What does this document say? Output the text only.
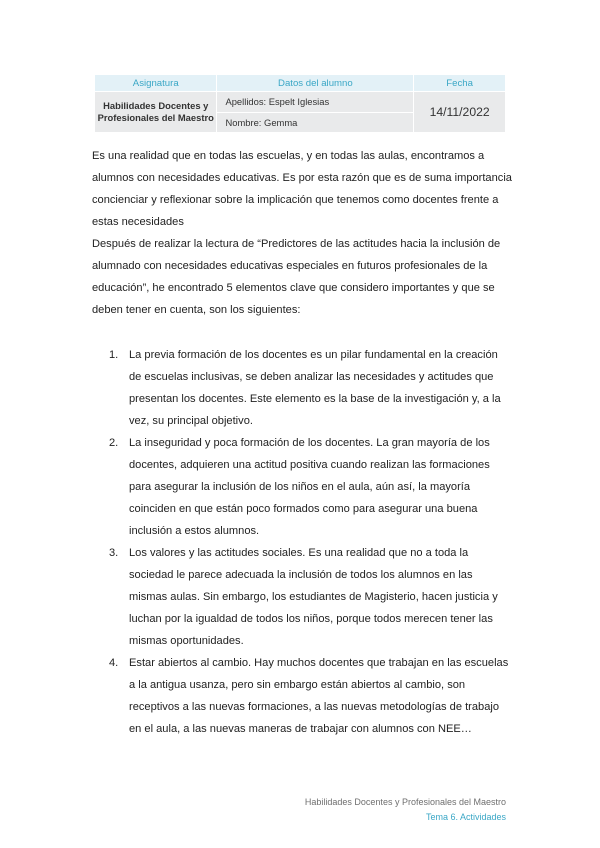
Asignatura	Datos del alumno	Fecha
Habilidades Docentes y Profesionales del Maestro	Apellidos: Espelt Iglesias	14/11/2022
	Nombre: Gemma	

Es una realidad que en todas las escuelas, y en todas las aulas, encontramos a alumnos con necesidades educativas. Es por esta razón que es de suma importancia concienciar y reflexionar sobre la implicación que tenemos como docentes frente a estas necesidades

Después de realizar la lectura de “Predictores de las actitudes hacia la inclusión de alumnado con necesidades educativas especiales en futuros profesionales de la educación”, he encontrado 5 elementos clave que considero importantes y que se deben tener en cuenta, son los siguientes:

1. La previa formación de los docentes es un pilar fundamental en la creación de escuelas inclusivas, se deben analizar las necesidades y actitudes que presentan los docentes. Este elemento es la base de la investigación y, a la vez, su principal objetivo.
2. La inseguridad y poca formación de los docentes. La gran mayoría de los docentes, adquieren una actitud positiva cuando realizan las formaciones para asegurar la inclusión de los niños en el aula, aún así, la mayoría coinciden en que están poco formados como para asegurar una buena inclusión a estos alumnos.
3. Los valores y las actitudes sociales. Es una realidad que no a toda la sociedad le parece adecuada la inclusión de todos los alumnos en las mismas aulas. Sin embargo, los estudiantes de Magisterio, hacen justicia y luchan por la igualdad de todos los niños, porque todos merecen tener las mismas oportunidades.
4. Estar abiertos al cambio. Hay muchos docentes que trabajan en las escuelas a la antigua usanza, pero sin embargo están abiertos al cambio, son receptivos a las nuevas formaciones, a las nuevas metodologías de trabajo en el aula, a las nuevas maneras de trabajar con alumnos con NEE…
Habilidades Docentes y Profesionales del Maestro
Tema 6. Actividades
